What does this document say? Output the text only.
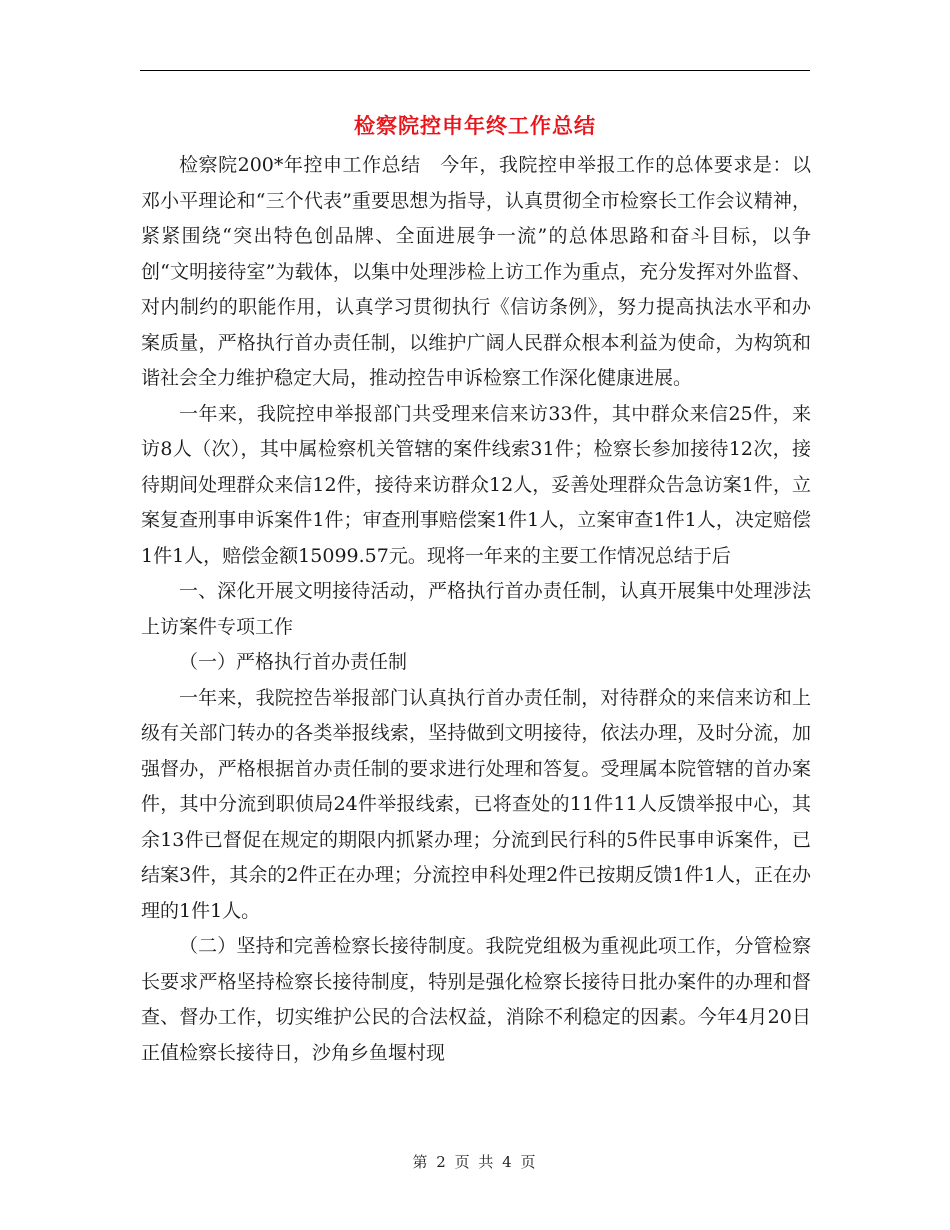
检察院控申年终工作总结

检察院200*年控申工作总结　今年，我院控申举报工作的总体要求是：以邓小平理论和“三个代表”重要思想为指导，认真贯彻全市检察长工作会议精神，紧紧围绕“突出特色创品牌、全面进展争一流”的总体思路和奋斗目标，以争创“文明接待室”为载体，以集中处理涉检上访工作为重点，充分发挥对外监督、对内制约的职能作用，认真学习贯彻执行《信访条例》，努力提高执法水平和办案质量，严格执行首办责任制，以维护广阔人民群众根本利益为使命，为构筑和谐社会全力维护稳定大局，推动控告申诉检察工作深化健康进展。

一年来，我院控申举报部门共受理来信来访33件，其中群众来信25件，来访8人（次），其中属检察机关管辖的案件线索31件；检察长参加接待12次，接待期间处理群众来信12件，接待来访群众12人，妥善处理群众告急访案1件，立案复查刑事申诉案件1件；审查刑事赔偿案1件1人，立案审查1件1人，决定赔偿1件1人，赔偿金额15099.57元。现将一年来的主要工作情况总结于后

一、深化开展文明接待活动，严格执行首办责任制，认真开展集中处理涉法上访案件专项工作

（一）严格执行首办责任制

一年来，我院控告举报部门认真执行首办责任制，对待群众的来信来访和上级有关部门转办的各类举报线索，坚持做到文明接待，依法办理，及时分流，加强督办，严格根据首办责任制的要求进行处理和答复。受理属本院管辖的首办案件，其中分流到职侦局24件举报线索，已将查处的11件11人反馈举报中心，其余13件已督促在规定的期限内抓紧办理；分流到民行科的5件民事申诉案件，已结案3件，其余的2件正在办理；分流控申科处理2件已按期反馈1件1人，正在办理的1件1人。

（二）坚持和完善检察长接待制度。我院党组极为重视此项工作，分管检察长要求严格坚持检察长接待制度，特别是强化检察长接待日批办案件的办理和督查、督办工作，切实维护公民的合法权益，消除不利稳定的因素。今年4月20日正值检察长接待日，沙角乡鱼堰村现

第 2 页 共 4 页
